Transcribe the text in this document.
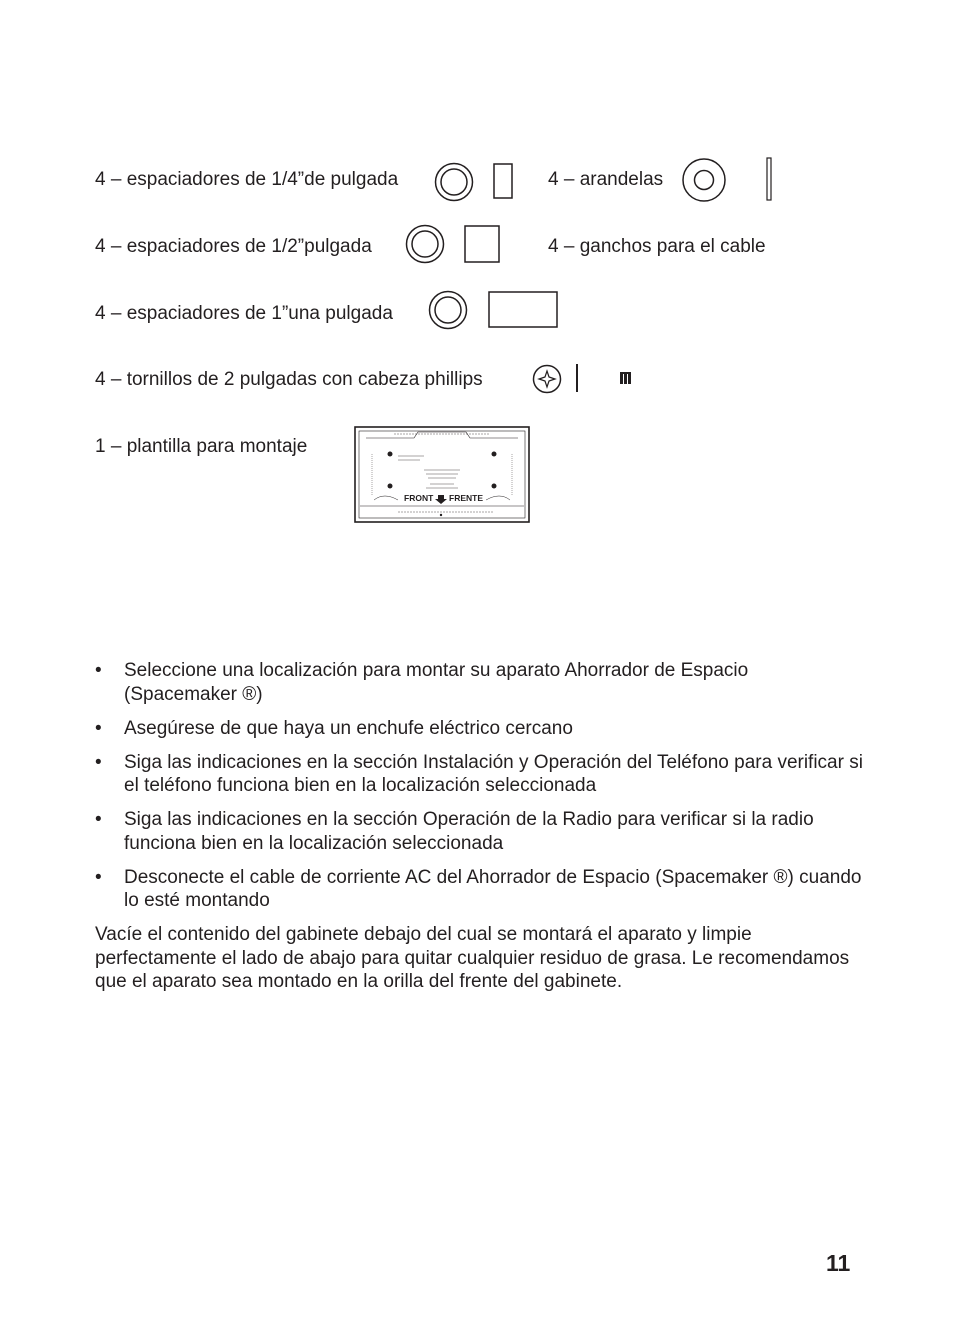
4 – espaciadores de 1/4”de pulgada	4 – arandelas
4 – espaciadores de 1/2”pulgada	4 – ganchos para el cable
4 – espaciadores de 1”una pulgada
4 – tornillos de 2 pulgadas con cabeza phillips
1 – plantilla para montaje
FRONT FRENTE
• Seleccione una localización para montar su aparato Ahorrador de Espacio (Spacemaker ®)
• Asegúrese de que haya un enchufe eléctrico cercano
• Siga las indicaciones en la sección Instalación y Operación del Teléfono para verificar si el teléfono funciona bien en la localización seleccionada
• Siga las indicaciones en la sección Operación de la Radio para verificar si la radio funciona bien en la localización seleccionada
• Desconecte el cable de corriente AC del Ahorrador de Espacio (Spacemaker ®) cuando lo esté montando
Vacíe el contenido del gabinete debajo del cual se montará el aparato y limpie perfectamente el lado de abajo para quitar cualquier residuo de grasa. Le recomendamos que el aparato sea montado en la orilla del frente del gabinete.
11
